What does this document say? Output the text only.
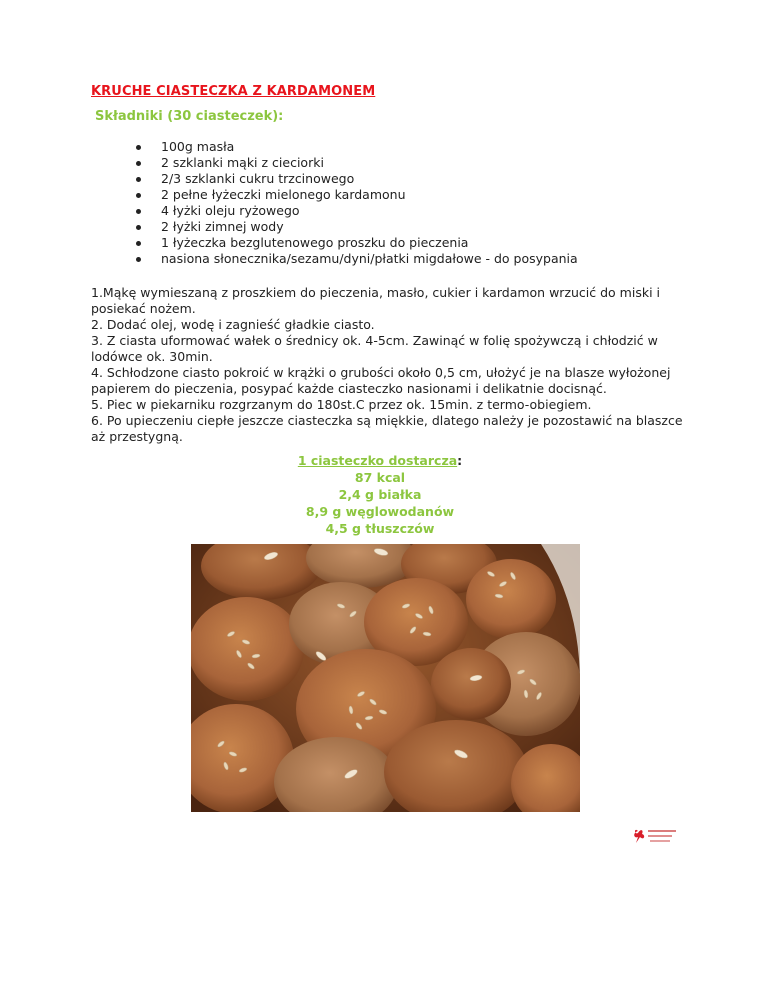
KRUCHE CIASTECZKA Z KARDAMONEM
Składniki (30 ciasteczek):
100g masła
2 szklanki mąki z cieciorki
2/3 szklanki cukru trzcinowego
2 pełne łyżeczki mielonego kardamonu
4 łyżki oleju ryżowego
2 łyżki zimnej wody
1 łyżeczka bezglutenowego proszku do pieczenia
nasiona słonecznika/sezamu/dyni/płatki migdałowe - do posypania

1.Mąkę wymieszaną z proszkiem do pieczenia, masło, cukier i kardamon wrzucić do miski i posiekać nożem.

2. Dodać olej, wodę i zagnieść gładkie ciasto.

3. Z ciasta uformować wałek o średnicy ok. 4-5cm. Zawinąć w folię spożywczą i chłodzić w lodówce ok. 30min.

4. Schłodzone ciasto pokroić w krążki o grubości około 0,5 cm, ułożyć je na blasze wyłożonej papierem do pieczenia, posypać każde ciasteczko nasionami i delikatnie docisnąć.

5. Piec w piekarniku rozgrzanym do 180st.C przez ok. 15min. z termo-obiegiem.

6. Po upieczeniu ciepłe jeszcze ciasteczka są miękkie, dlatego należy je pozostawić na blaszce aż przestygną.

1 ciasteczko dostarcza:
87 kcal
2,4 g białka
8,9 g węglowodanów
4,5 g tłuszczów
